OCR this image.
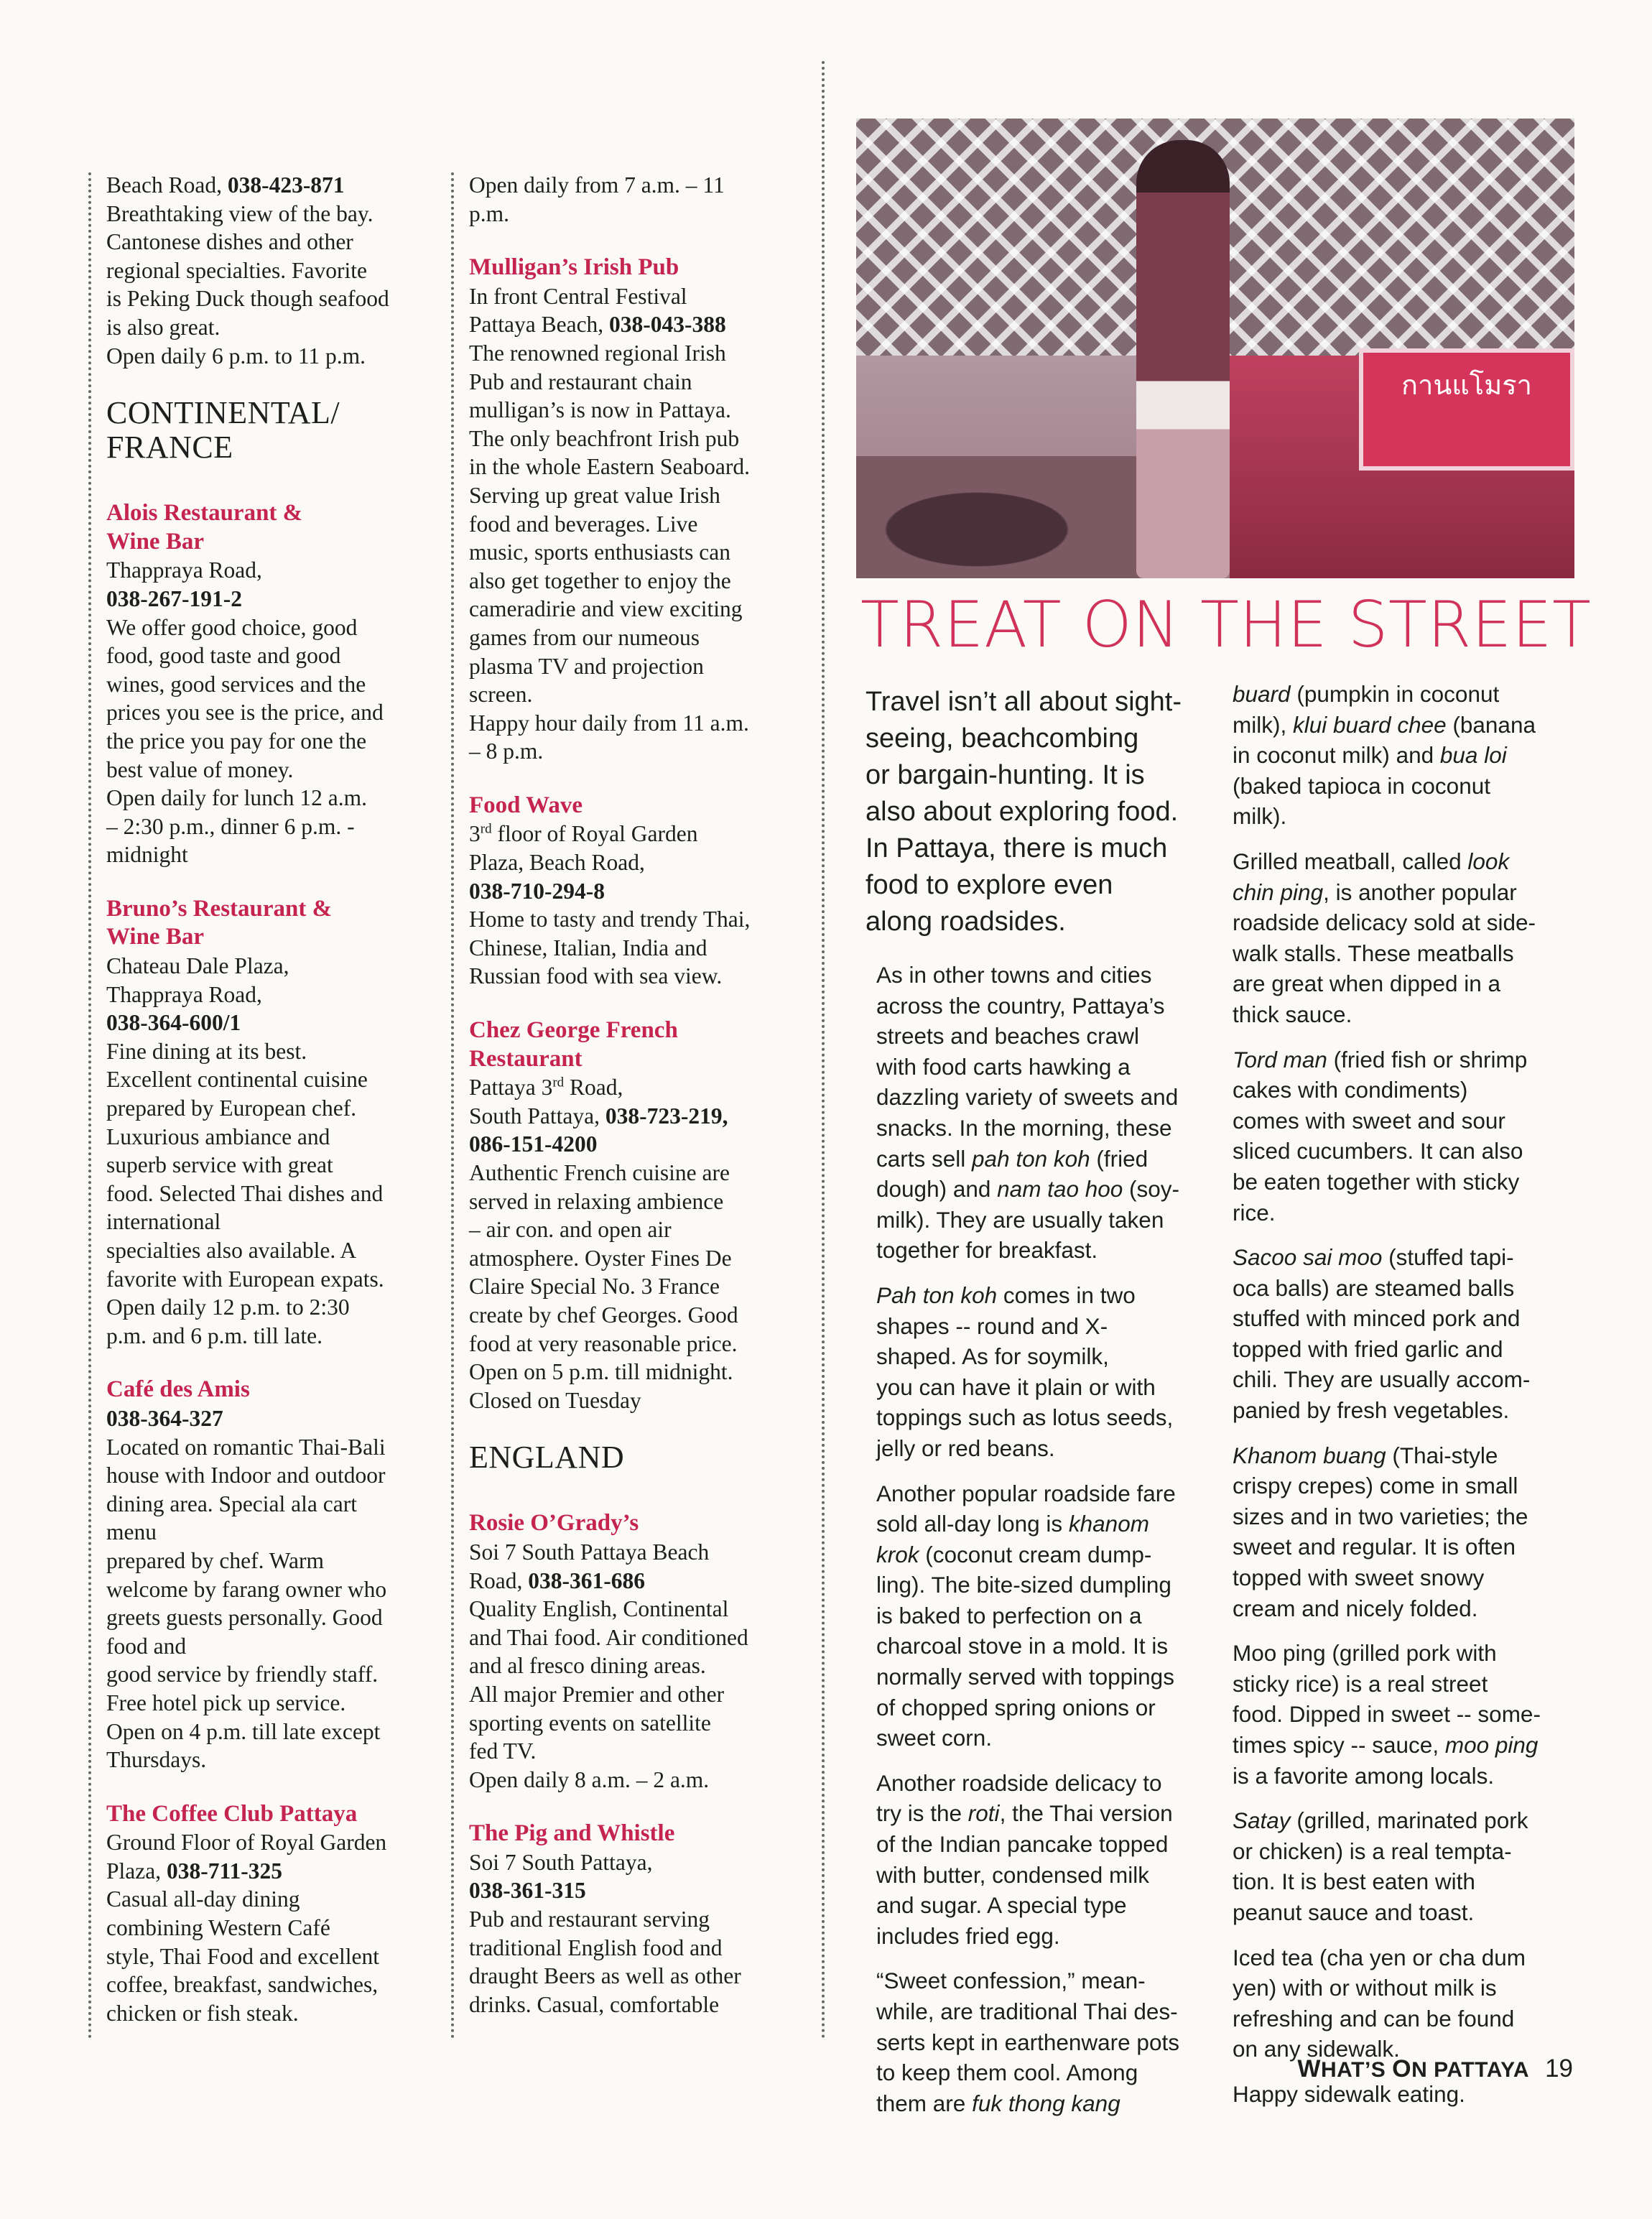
Beach Road, 038-423-871
Breathtaking view of the bay.
Cantonese dishes and other
regional specialties. Favorite
is Peking Duck though seafood
is also great.
Open daily 6 p.m. to 11 p.m.
CONTINENTAL/
FRANCE
Alois Restaurant &
Wine Bar
Thappraya Road,
038-267-191-2
We offer good choice, good
food, good taste and good
wines, good services and the
prices you see is the price, and
the price you pay for one the
best value of money.
Open daily for lunch 12 a.m.
– 2:30 p.m., dinner 6 p.m. -
midnight
Bruno’s Restaurant &
Wine Bar
Chateau Dale Plaza,
Thappraya Road,
038-364-600/1
Fine dining at its best.
Excellent continental cuisine
prepared by European chef.
Luxurious ambiance and
superb service with great
food. Selected Thai dishes and
international
specialties also available. A
favorite with European expats.
Open daily 12 p.m. to 2:30
p.m. and 6 p.m. till late.
Café des Amis
038-364-327
Located on romantic Thai-Bali
house with Indoor and outdoor
dining area. Special ala cart
menu
prepared by chef. Warm
welcome by farang owner who
greets guests personally. Good
food and
good service by friendly staff.
Free hotel pick up service.
Open on 4 p.m. till late except
Thursdays.
The Coffee Club Pattaya
Ground Floor of Royal Garden
Plaza, 038-711-325
Casual all-day dining
combining Western Café
style, Thai Food and excellent
coffee, breakfast, sandwiches,
chicken or fish steak.
Open daily from 7 a.m. – 11
p.m.
Mulligan’s Irish Pub
In front Central Festival
Pattaya Beach, 038-043-388
The renowned regional Irish
Pub and restaurant chain
mulligan’s is now in Pattaya.
The only beachfront Irish pub
in the whole Eastern Seaboard.
Serving up great value Irish
food and beverages. Live
music, sports enthusiasts can
also get together to enjoy the
cameradirie and view exciting
games from our numeous
plasma TV and projection
screen.
Happy hour daily from 11 a.m.
– 8 p.m.
Food Wave
3rd floor of Royal Garden
Plaza, Beach Road,
038-710-294-8
Home to tasty and trendy Thai,
Chinese, Italian, India and
Russian food with sea view.
Chez George French
Restaurant
Pattaya 3rd Road,
South Pattaya, 038-723-219,
086-151-4200
Authentic French cuisine are
served in relaxing ambience
– air con. and open air
atmosphere. Oyster Fines De
Claire Special No. 3 France
create by chef Georges. Good
food at very reasonable price.
Open on 5 p.m. till midnight.
Closed on Tuesday
ENGLAND
Rosie O’Grady’s
Soi 7 South Pattaya Beach
Road, 038-361-686
Quality English, Continental
and Thai food. Air conditioned
and al fresco dining areas.
All major Premier and other
sporting events on satellite
fed TV.
Open daily 8 a.m. – 2 a.m.
The Pig and Whistle
Soi 7 South Pattaya,
038-361-315
Pub and restaurant serving
traditional English food and
draught Beers as well as other
drinks. Casual, comfortable
กานแโมรา
TREAT ON THE STREET
Travel isn’t all about sight-
seeing, beachcombing
or bargain-hunting. It is
also about exploring food.
In Pattaya, there is much
food to explore even
along roadsides.
As in other towns and cities
across the country, Pattaya’s
streets and beaches crawl
with food carts hawking a
dazzling variety of sweets and
snacks. In the morning, these
carts sell pah ton koh (fried
dough) and nam tao hoo (soy-
milk). They are usually taken
together for breakfast.
Pah ton koh comes in two
shapes -- round and X-
shaped. As for soymilk,
you can have it plain or with
toppings such as lotus seeds,
jelly or red beans.
Another popular roadside fare
sold all-day long is khanom
krok (coconut cream dump-
ling). The bite-sized dumpling
is baked to perfection on a
charcoal stove in a mold. It is
normally served with toppings
of chopped spring onions or
sweet corn.
Another roadside delicacy to
try is the roti, the Thai version
of the Indian pancake topped
with butter, condensed milk
and sugar. A special type
includes fried egg.
“Sweet confession,” mean-
while, are traditional Thai des-
serts kept in earthenware pots
to keep them cool. Among
them are fuk thong kang
buard (pumpkin in coconut
milk), klui buard chee (banana
in coconut milk) and bua loi
(baked tapioca in coconut
milk).
Grilled meatball, called look
chin ping, is another popular
roadside delicacy sold at side-
walk stalls. These meatballs
are great when dipped in a
thick sauce.
Tord man (fried fish or shrimp
cakes with condiments)
comes with sweet and sour
sliced cucumbers. It can also
be eaten together with sticky
rice.
Sacoo sai moo (stuffed tapi-
oca balls) are steamed balls
stuffed with minced pork and
topped with fried garlic and
chili. They are usually accom-
panied by fresh vegetables.
Khanom buang (Thai-style
crispy crepes) come in small
sizes and in two varieties; the
sweet and regular. It is often
topped with sweet snowy
cream and nicely folded.
Moo ping (grilled pork with
sticky rice) is a real street
food. Dipped in sweet -- some-
times spicy -- sauce, moo ping
is a favorite among locals.
Satay (grilled, marinated pork
or chicken) is a real tempta-
tion. It is best eaten with
peanut sauce and toast.
Iced tea (cha yen or cha dum
yen) with or without milk is
refreshing and can be found
on any sidewalk.
Happy sidewalk eating.

WHAT’S ON PATTAYA 19
